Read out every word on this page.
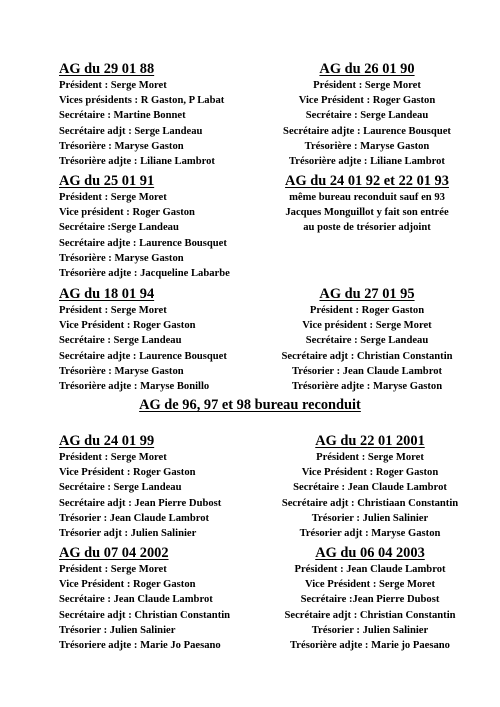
AG du 29 01 88
Président : Serge Moret
Vices présidents : R Gaston, P Labat
Secrétaire : Martine Bonnet
Secrétaire adjt : Serge Landeau
Trésorière : Maryse Gaston
Trésorière adjte : Liliane Lambrot
AG du 26 01 90
Président : Serge Moret
Vice Président : Roger Gaston
Secrétaire : Serge Landeau
Secrétaire adjte : Laurence Bousquet
Trésorière : Maryse Gaston
Trésorière adjte : Liliane Lambrot
AG du 25 01 91
Président : Serge Moret
Vice président : Roger Gaston
Secrétaire :Serge Landeau
Secrétaire adjte : Laurence Bousquet
Trésorière : Maryse Gaston
Trésorière adjte : Jacqueline Labarbe
AG du 24 01 92 et 22 01 93
même bureau reconduit sauf en 93
Jacques Monguillot y fait son entrée
au poste de trésorier adjoint
AG du 18 01 94
Président : Serge Moret
Vice Président : Roger Gaston
Secrétaire : Serge Landeau
Secrétaire adjte : Laurence Bousquet
Trésorière : Maryse Gaston
Trésorière adjte : Maryse Bonillo
AG du 27 01 95
Président : Roger Gaston
Vice président : Serge Moret
Secrétaire : Serge Landeau
Secrétaire adjt : Christian Constantin
Trésorier : Jean Claude Lambrot
Trésorière adjte : Maryse Gaston
AG de 96, 97 et 98 bureau reconduit
AG du 24 01 99
Président : Serge Moret
Vice Président : Roger Gaston
Secrétaire : Serge Landeau
Secrétaire adjt : Jean Pierre Dubost
Trésorier : Jean Claude Lambrot
Trésorier adjt : Julien Salinier
AG du 22 01 2001
Président : Serge Moret
Vice Président : Roger Gaston
Secrétaire : Jean Claude Lambrot
Secrétaire adjt : Christiaan Constantin
Trésorier : Julien Salinier
Trésorier adjt : Maryse Gaston
AG du 07 04 2002
Président : Serge Moret
Vice Président : Roger Gaston
Secrétaire : Jean Claude Lambrot
Secrétaire adjt : Christian Constantin
Trésorier : Julien Salinier
Trésoriere adjte : Marie Jo Paesano
AG du 06 04 2003
Président : Jean Claude Lambrot
Vice Président : Serge Moret
Secrétaire :Jean Pierre Dubost
Secrétaire adjt : Christian Constantin
Trésorier : Julien Salinier
Trésorière adjte : Marie jo Paesano
